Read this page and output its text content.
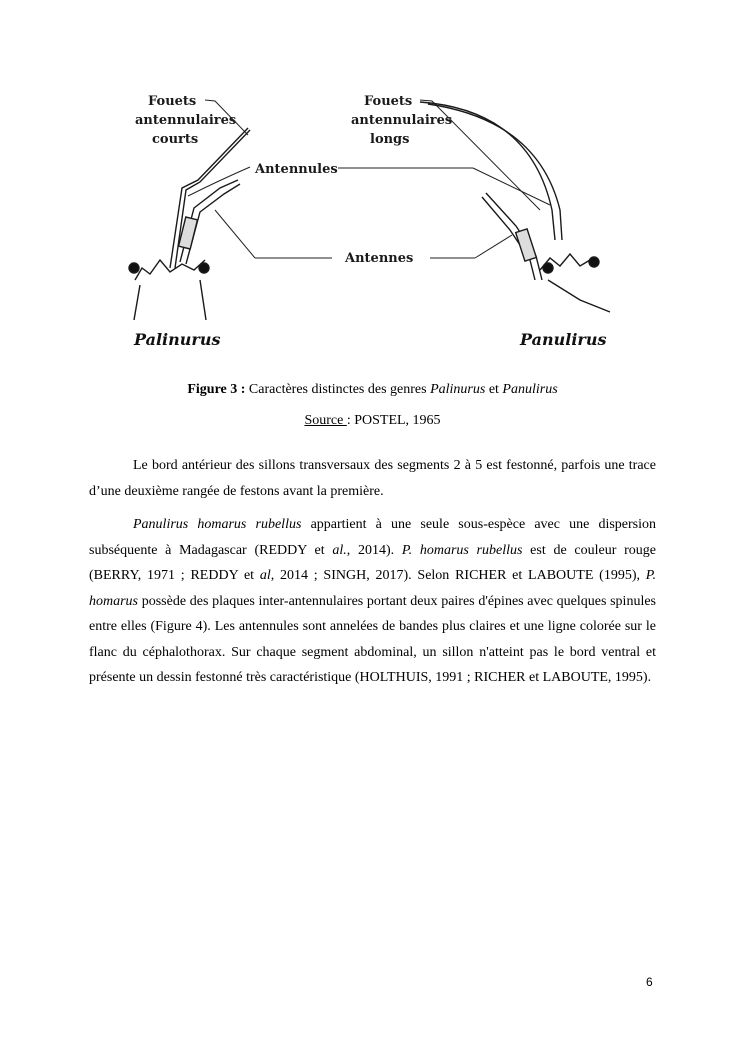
Fouets
antennulaires
courts
Fouets
antennulaires
longs
Antennules
Antennes
Palinurus	Panulirus
Figure 3 : Caractères distinctes des genres Palinurus et Panulirus
Source : POSTEL, 1965
Le bord antérieur des sillons transversaux des segments 2 à 5 est festonné, parfois une trace d’une deuxième rangée de festons avant la première.
Panulirus homarus rubellus appartient à une seule sous-espèce avec une dispersion subséquente à Madagascar (REDDY et al., 2014). P. homarus rubellus est de couleur rouge (BERRY, 1971 ; REDDY et al, 2014 ; SINGH, 2017). Selon RICHER et LABOUTE (1995), P. homarus possède des plaques inter-antennulaires portant deux paires d'épines avec quelques spinules entre elles (Figure 4). Les antennules sont annelées de bandes plus claires et une ligne colorée sur le flanc du céphalothorax. Sur chaque segment abdominal, un sillon n'atteint pas le bord ventral et présente un dessin festonné très caractéristique (HOLTHUIS, 1991 ; RICHER et LABOUTE, 1995).
6
